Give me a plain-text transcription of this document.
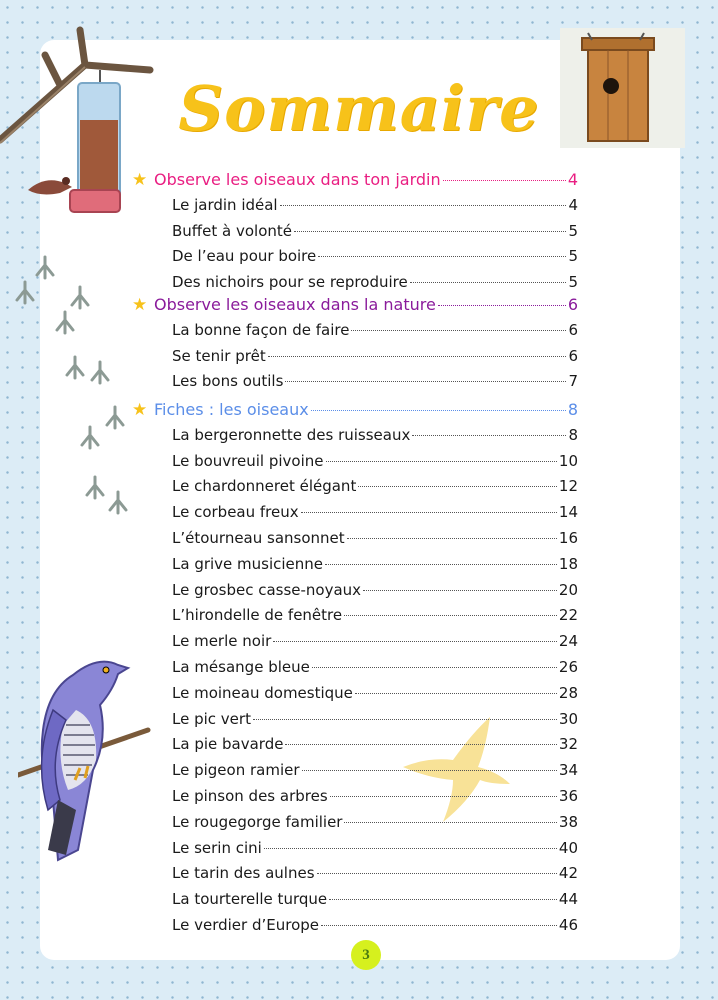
Sommaire
★ Observe les oiseaux dans ton jardin	4
Le jardin idéal	4
Buffet à volonté	5
De l’eau pour boire	5
Des nichoirs pour se reproduire	5
★ Observe les oiseaux dans la nature	6
La bonne façon de faire	6
Se tenir prêt	6
Les bons outils	7
★ Fiches : les oiseaux	8
La bergeronnette des ruisseaux	8
Le bouvreuil pivoine	10
Le chardonneret élégant	12
Le corbeau freux	14
L’étourneau sansonnet	16
La grive musicienne	18
Le grosbec casse-noyaux	20
L’hirondelle de fenêtre	22
Le merle noir	24
La mésange bleue	26
Le moineau domestique	28
Le pic vert	30
La pie bavarde	32
Le pigeon ramier	34
Le pinson des arbres	36
Le rougegorge familier	38
Le serin cini	40
Le tarin des aulnes	42
La tourterelle turque	44
Le verdier d’Europe	46
3
